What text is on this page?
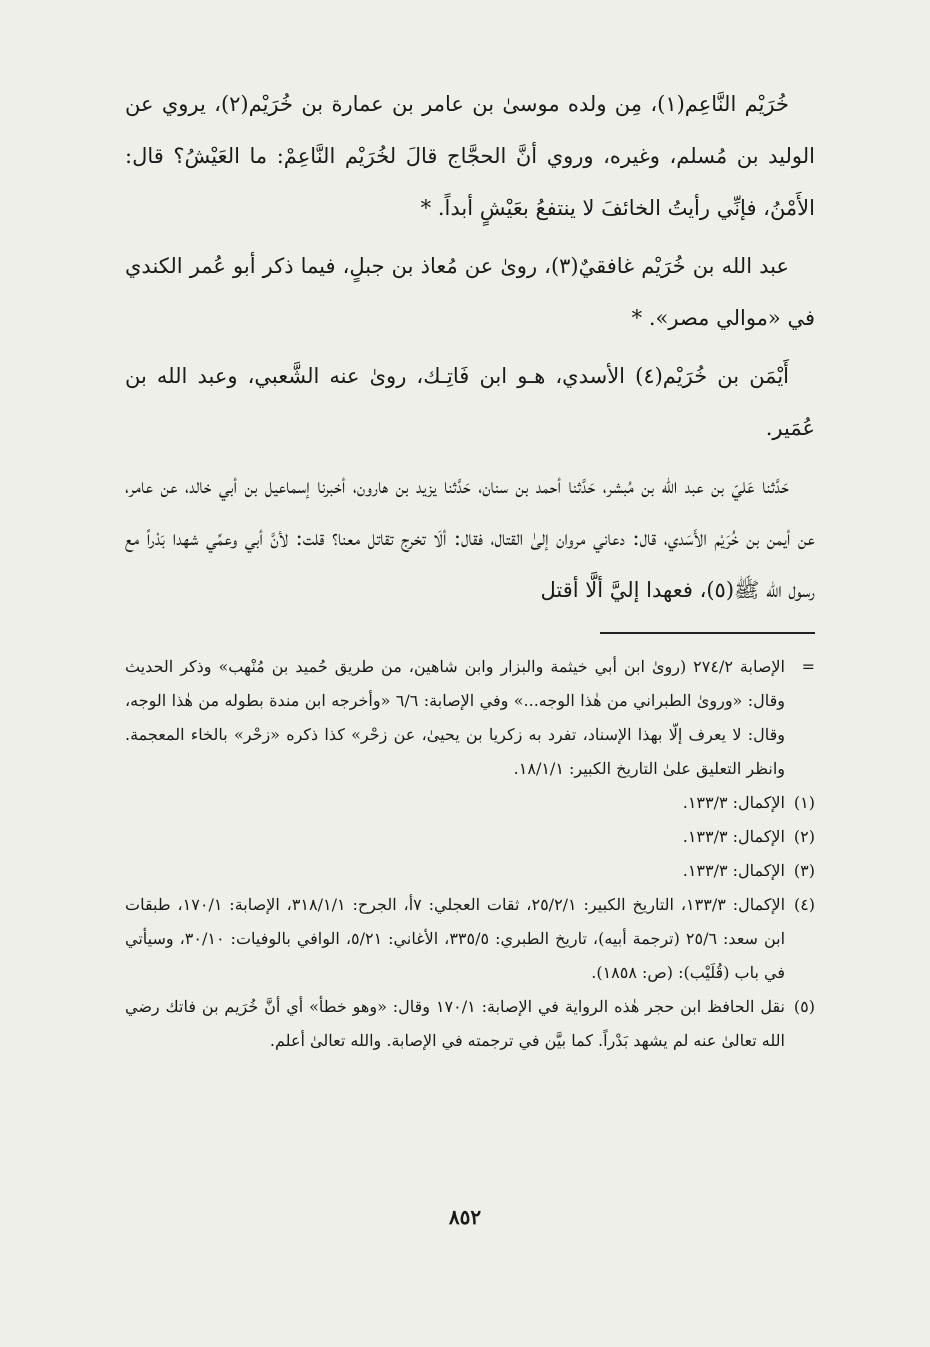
خُرَيْم النَّاعِم(١)، مِن ولده موسىٰ بن عامر بن عمارة بن خُرَيْم(٢)، يروي عن الوليد بن مُسلم، وغيره، وروي أنَّ الحجَّاج قالَ لخُرَيْم النَّاعِمْ: ما العَيْشُ؟ قال: الأَمْنُ، فإنِّي رأيتُ الخائفَ لا ينتفعُ بعَيْشٍ أبداً. *

عبد الله بن خُرَيْم غافقيٌ(٣)، روىٰ عن مُعاذ بن جبلٍ، فيما ذكر أبو عُمر الكندي في «موالي مصر». *

أَيْمَن بن خُرَيْم(٤) الأسدي، هـو ابن فَاتِـك، روىٰ عنه الشَّعبي، وعبد الله بن عُمَير.

حَدَّثنا عَليّ بن عبد الله بن مُبشر، حَدَّثنا أحمد بن سنان، حَدَّثنا يزيد بن هارون، أخبرنا إسماعيل بن أبي خالد، عن عامر، عن أيمن بن خُرَيْم الأَسَدي، قال: دعاني مروان إلىٰ القتال، فقال: ألَا تخرج تقاتل معنا؟ قلت: لأنَّ أبي وعمِّي شهدا بَدْراً مع رسول الله ﷺ(٥)، فعهدا إليَّ ألَّا أقتل

=الإصابة ٢٧٤/٢ (روىٰ ابن أبي خيثمة والبزار وابن شاهين، من طريق حُميد بن مُنْهب» وذكر الحديث وقال: «وروىٰ الطبراني من هٰذا الوجه...» وفي الإصابة: ٦/٦ «وأخرجه ابن مندة بطوله من هٰذا الوجه، وقال: لا يعرف إلّا بهذا الإسناد، تفرد به زكريا بن يحيىٰ، عن زحْر» كذا ذكره «زحْر» بالخاء المعجمة. وانظر التعليق علىٰ التاريخ الكبير: ١٨/١/١.

(١)الإكمال: ١٣٣/٣.

(٢)الإكمال: ١٣٣/٣.

(٣)الإكمال: ١٣٣/٣.

(٤)الإكمال: ١٣٣/٣، التاريخ الكبير: ٢٥/٢/١، ثقات العجلي: ٧أ، الجرح: ٣١٨/١/١، الإصابة: ١٧٠/١، طبقات ابن سعد: ٢٥/٦ (ترجمة أبيه)، تاريخ الطبري: ٣٣٥/٥، الأغاني: ٥/٢١، الوافي بالوفيات: ٣٠/١٠، وسيأتي في باب (قُلَيْب): (ص: ١٨٥٨).

(٥)نقل الحافظ ابن حجر هٰذه الرواية في الإصابة: ١٧٠/١ وقال: «وهو خطأ» أي أنَّ خُرَيم بن فاتك رضي الله تعالىٰ عنه لم يشهد بَدْراً. كما بيَّن في ترجمته في الإصابة. والله تعالىٰ أعلم.

٨٥٢
